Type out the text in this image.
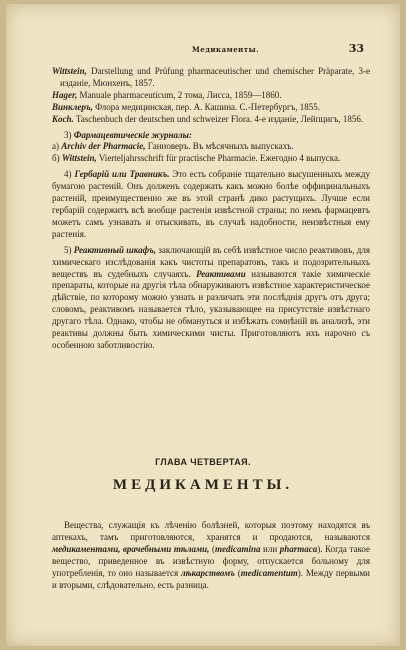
Медикаменты.	33

Wittstein, Darstellung und Prüfung pharmaceutischer und chemischer Präparate, 3-е изданіе, Мюнхенъ, 1857.

Hager, Manuale pharmaceuticum, 2 тома, Лисса, 1859—1860.

Винклеръ, Флора медицинская, пер. А. Кашина. С.-Петербургъ, 1855.

Koch. Taschenbuch der deutschen und schweizer Flora. 4-е изданіе, Лейпцигъ, 1856.

3) Фармацевтическіе журналы:

а) Archiv der Pharmacie, Ганноверъ. Въ мѣсячныхъ выпускахъ.

б) Wittstein, Vierteljahrsschrift für practische Pharmacie. Ежегодно 4 выпуска.

4) Гербарій или Травникъ. Это есть собраніе тщательно высушенныхъ между бумагою растеній. Онъ долженъ содержать какъ можно болѣе оффицинальныхъ растеній, преимущественно же въ этой странѣ дико растущихъ. Лучше если гербарій содержитъ всѣ вообще растенія извѣстной страны; по немъ фармацевтъ можетъ самъ узнавать и отыскивать, въ случаѣ надобности, неизвѣстныя ему растенія.

5) Реактивный шкафъ, заключающій въ себѣ извѣстное число реактивовъ, для химическаго изслѣдованія какъ чистоты препаратовъ, такъ и подозрительныхъ веществъ въ судебныхъ случаяхъ. Реактивами называются такіе химическіе препараты, которые на другія тѣла обнаруживаютъ извѣстное характеристическое дѣйствіе, по которому можно узнать и различать эти послѣднія другъ отъ друга; словомъ, реактивомъ называется тѣло, указывающее на присутствіе извѣстнаго другаго тѣла. Однако, чтобы не обмануться и избѣжать сомнѣній въ анализѣ, эти реактивы должны быть химическими чисты. Приготовляютъ ихъ нарочно съ особенною заботливостію.

ГЛАВА ЧЕТВЕРТАЯ.
МЕДИКАМЕНТЫ.

Вещества, служащія къ лѣченію болѣзней, которыя поэтому находятся въ аптекахъ, тамъ приготовляются, хранятся и продаются, называются медикаментами, врачебными тѣлами, (medicamina или pharmaca). Когда такое вещество, приведенное въ извѣстную форму, отпускается больному для употребленія, то оно называется лѣкарствомъ (medicamentum). Между первыми и вторыми, слѣдовательно, есть разница.
